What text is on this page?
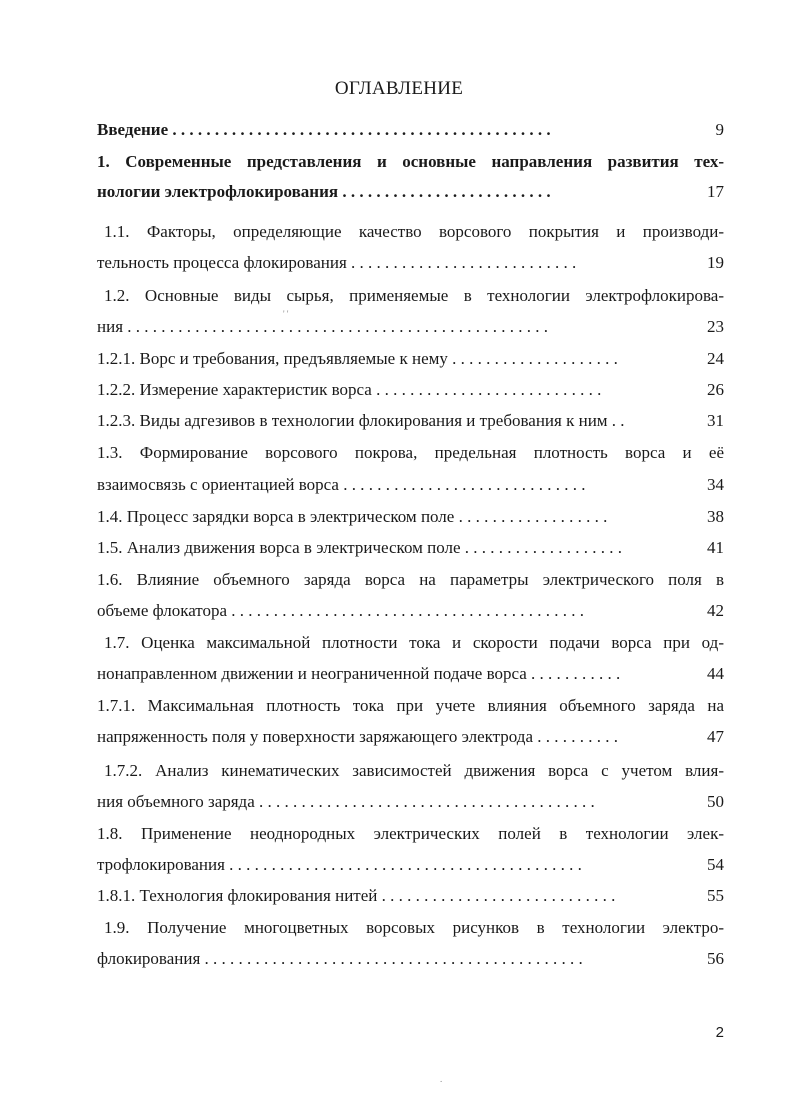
ОГЛАВЛЕНИЕ
Введение . . . . . . . . . . . . . . . . . . . . . . . . . . . . . . . . . . . . . . . . . . . . .	9
1. Современные представления и основные направления развития тех-
нологии электрофлокирования . . . . . . . . . . . . . . . . . . . . . . . . .	17
1.1. Факторы, определяющие качество ворсового покрытия и производи-
тельность процесса флокирования . . . . . . . . . . . . . . . . . . . . . . . . . . .	19
1.2. Основные виды сырья, применяемые в технологии электрофлокирова-
' '
ния . . . . . . . . . . . . . . . . . . . . . . . . . . . . . . . . . . . . . . . . . . . . . . . . . .	23
1.2.1. Ворс и требования, предъявляемые к нему . . . . . . . . . . . . . . . . . . . .	24
1.2.2. Измерение характеристик ворса . . . . . . . . . . . . . . . . . . . . . . . . . . .	26
1.2.3. Виды адгезивов в технологии флокирования и требования к ним . .	31
1.3. Формирование ворсового покрова, предельная плотность ворса и её
взаимосвязь с ориентацией ворса . . . . . . . . . . . . . . . . . . . . . . . . . . . . .	34
1.4. Процесс зарядки ворса в электрическом поле . . . . . . . . . . . . . . . . . .	38
1.5. Анализ движения ворса в электрическом поле . . . . . . . . . . . . . . . . . . .	41
1.6. Влияние объемного заряда ворса на параметры электрического поля в
объеме флокатора . . . . . . . . . . . . . . . . . . . . . . . . . . . . . . . . . . . . . . . . . .	42
1.7. Оценка максимальной плотности тока и скорости подачи ворса при од-
нонаправленном движении и неограниченной подаче ворса . . . . . . . . . . .	44
1.7.1. Максимальная плотность тока при учете влияния объемного заряда на
напряженность поля у поверхности заряжающего электрода . . . . . . . . . .	47
1.7.2. Анализ кинематических зависимостей движения ворса с учетом влия-
ния объемного заряда . . . . . . . . . . . . . . . . . . . . . . . . . . . . . . . . . . . . . . . .	50
1.8. Применение неоднородных электрических полей в технологии элек-
трофлокирования . . . . . . . . . . . . . . . . . . . . . . . . . . . . . . . . . . . . . . . . . .	54
1.8.1. Технология флокирования нитей . . . . . . . . . . . . . . . . . . . . . . . . . . . .	55
1.9. Получение многоцветных ворсовых рисунков в технологии электро-
флокирования . . . . . . . . . . . . . . . . . . . . . . . . . . . . . . . . . . . . . . . . . . . . .	56
2
.
